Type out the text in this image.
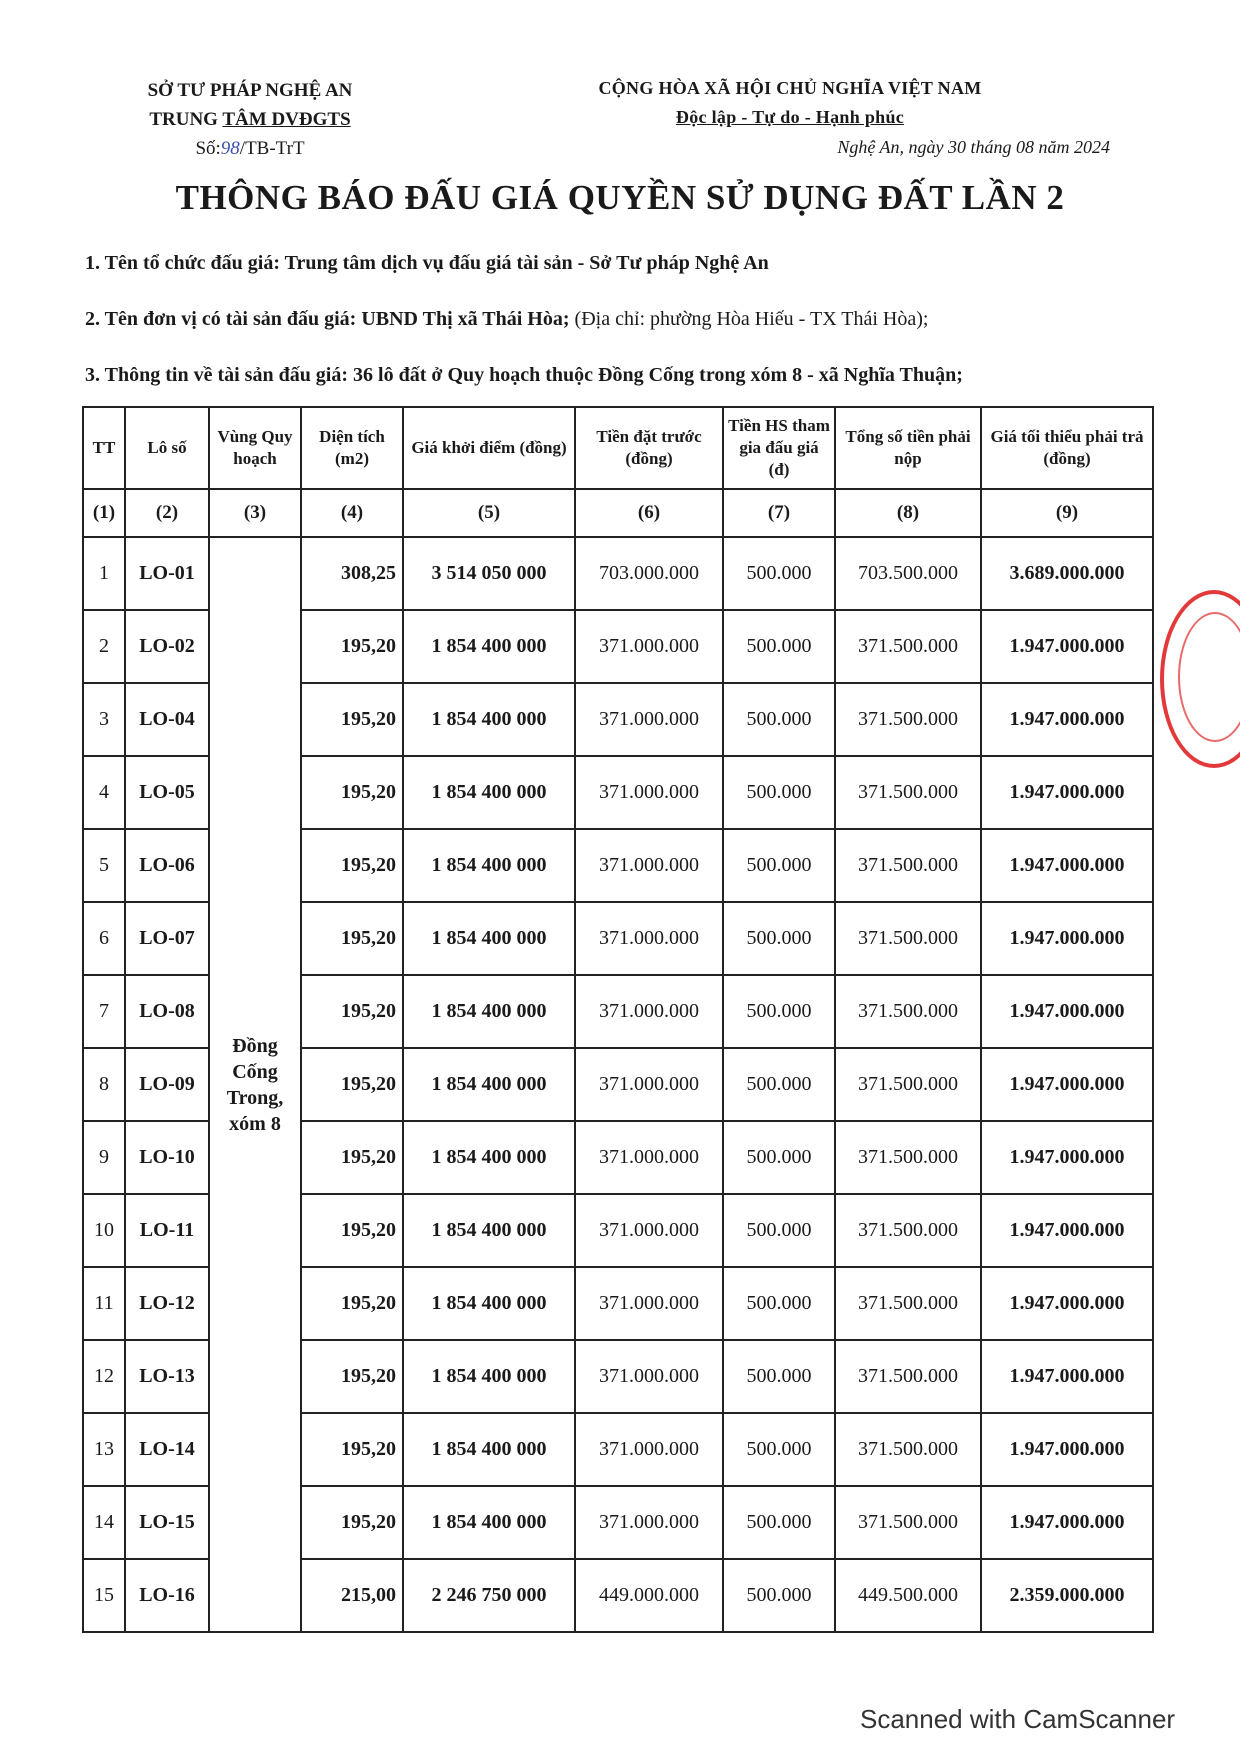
SỞ TƯ PHÁP NGHỆ AN
TRUNG TÂM DVĐGTS
Số:98/TB-TrT
CỘNG HÒA XÃ HỘI CHỦ NGHĨA VIỆT NAM
Độc lập - Tự do - Hạnh phúc
Nghệ An, ngày 30 tháng 08 năm 2024
THÔNG BÁO ĐẤU GIÁ QUYỀN SỬ DỤNG ĐẤT LẦN 2
1. Tên tổ chức đấu giá: Trung tâm dịch vụ đấu giá tài sản - Sở Tư pháp Nghệ An
2. Tên đơn vị có tài sản đấu giá: UBND Thị xã Thái Hòa; (Địa chỉ: phường Hòa Hiếu - TX Thái Hòa);
3. Thông tin về tài sản đấu giá: 36 lô đất ở Quy hoạch thuộc Đồng Cống trong xóm 8 - xã Nghĩa Thuận;
TT	Lô số	Vùng Quy hoạch	Diện tích (m2)	Giá khởi điểm (đồng)	Tiền đặt trước (đồng)	Tiền HS tham gia đấu giá (đ)	Tổng số tiền phải nộp	Giá tối thiểu phải trả (đồng)
(1)	(2)	(3)	(4)	(5)	(6)	(7)	(8)	(9)
1	LO-01	Đồng Cống Trong, xóm 8	308,25	3 514 050 000	703.000.000	500.000	703.500.000	3.689.000.000
2	LO-02		195,20	1 854 400 000	371.000.000	500.000	371.500.000	1.947.000.000
3	LO-04		195,20	1 854 400 000	371.000.000	500.000	371.500.000	1.947.000.000
4	LO-05		195,20	1 854 400 000	371.000.000	500.000	371.500.000	1.947.000.000
5	LO-06		195,20	1 854 400 000	371.000.000	500.000	371.500.000	1.947.000.000
6	LO-07		195,20	1 854 400 000	371.000.000	500.000	371.500.000	1.947.000.000
7	LO-08		195,20	1 854 400 000	371.000.000	500.000	371.500.000	1.947.000.000
8	LO-09		195,20	1 854 400 000	371.000.000	500.000	371.500.000	1.947.000.000
9	LO-10		195,20	1 854 400 000	371.000.000	500.000	371.500.000	1.947.000.000
10	LO-11		195,20	1 854 400 000	371.000.000	500.000	371.500.000	1.947.000.000
11	LO-12		195,20	1 854 400 000	371.000.000	500.000	371.500.000	1.947.000.000
12	LO-13		195,20	1 854 400 000	371.000.000	500.000	371.500.000	1.947.000.000
13	LO-14		195,20	1 854 400 000	371.000.000	500.000	371.500.000	1.947.000.000
14	LO-15		195,20	1 854 400 000	371.000.000	500.000	371.500.000	1.947.000.000
15	LO-16		215,00	2 246 750 000	449.000.000	500.000	449.500.000	2.359.000.000
Scanned with CamScanner
